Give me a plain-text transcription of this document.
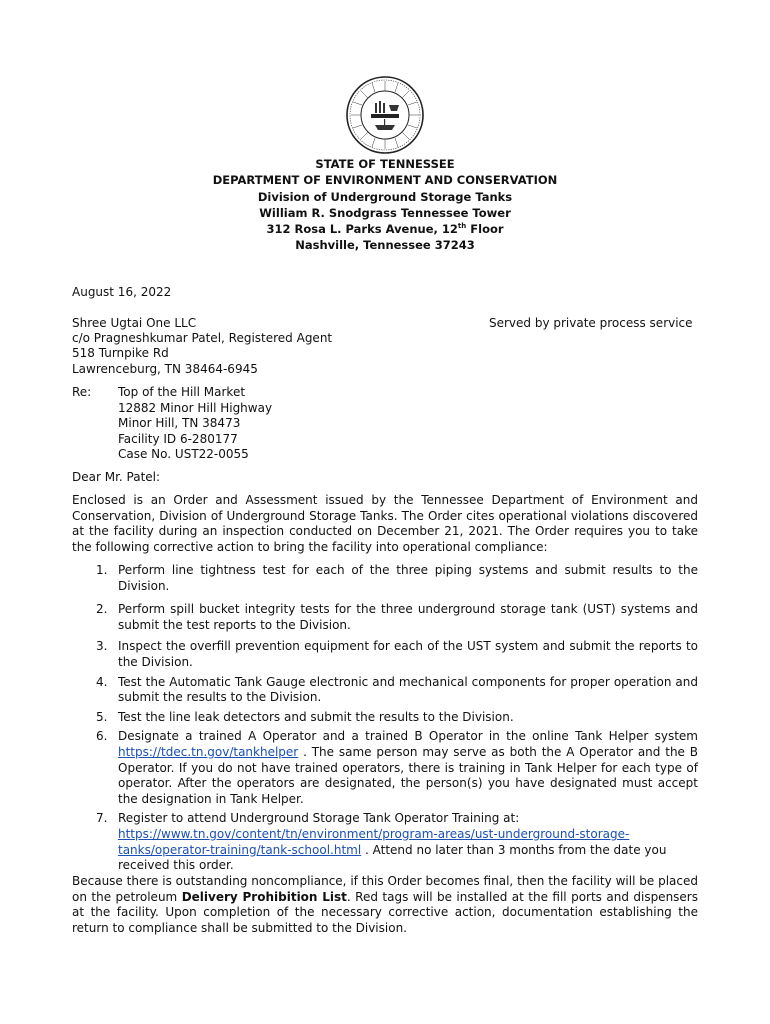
STATE OF TENNESSEE
DEPARTMENT OF ENVIRONMENT AND CONSERVATION
Division of Underground Storage Tanks
William R. Snodgrass Tennessee Tower
312 Rosa L. Parks Avenue, 12th Floor
Nashville, Tennessee 37243
August 16, 2022
Shree Ugtai One LLC	Served by private process service
c/o Pragneshkumar Patel, Registered Agent
518 Turnpike Rd
Lawrenceburg, TN 38464-6945
Re: Top of the Hill Market
12882 Minor Hill Highway
Minor Hill, TN 38473
Facility ID 6-280177
Case No. UST22-0055
Dear Mr. Patel:
Enclosed is an Order and Assessment issued by the Tennessee Department of Environment and Conservation, Division of Underground Storage Tanks. The Order cites operational violations discovered at the facility during an inspection conducted on December 21, 2021. The Order requires you to take the following corrective action to bring the facility into operational compliance:
1. Perform line tightness test for each of the three piping systems and submit results to the Division.
2. Perform spill bucket integrity tests for the three underground storage tank (UST) systems and submit the test reports to the Division.
3. Inspect the overfill prevention equipment for each of the UST system and submit the reports to the Division.
4. Test the Automatic Tank Gauge electronic and mechanical components for proper operation and submit the results to the Division.
5. Test the line leak detectors and submit the results to the Division.
6. Designate a trained A Operator and a trained B Operator in the online Tank Helper system https://tdec.tn.gov/tankhelper . The same person may serve as both the A Operator and the B Operator. If you do not have trained operators, there is training in Tank Helper for each type of operator. After the operators are designated, the person(s) you have designated must accept the designation in Tank Helper.
7. Register to attend Underground Storage Tank Operator Training at: https://www.tn.gov/content/tn/environment/program-areas/ust-underground-storage-tanks/operator-training/tank-school.html . Attend no later than 3 months from the date you received this order.
Because there is outstanding noncompliance, if this Order becomes final, then the facility will be placed on the petroleum Delivery Prohibition List. Red tags will be installed at the fill ports and dispensers at the facility. Upon completion of the necessary corrective action, documentation establishing the return to compliance shall be submitted to the Division.
